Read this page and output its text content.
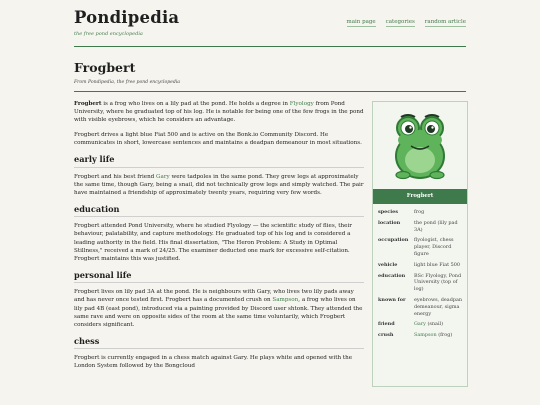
Pondipedia
the free pond encyclopedia
main page categories random article
Frogbert
From Pondipedia, the free pond encyclopedia

Frogbert is a frog who lives on a lily pad at the pond. He holds a degree in Flyology from Pond University, where he graduated top of his log. He is notable for being one of the few frogs in the pond with visible eyebrows, which he considers an advantage.

Frogbert drives a light blue Fiat 500 and is active on the Bonk.io Community Discord. He communicates in short, lowercase sentences and maintains a deadpan demeanour in most situations.

early life

Frogbert and his best friend Gary were tadpoles in the same pond. They grew legs at approximately the same time, though Gary, being a snail, did not technically grow legs and simply watched. The pair have maintained a friendship of approximately twenty years, requiring very few words.

education

Frogbert attended Pond University, where he studied Flyology — the scientific study of flies, their behaviour, palatability, and capture methodology. He graduated top of his log and is considered a leading authority in the field. His final dissertation, "The Heron Problem: A Study in Optimal Stillness," received a mark of 24/25. The examiner deducted one mark for excessive self-citation. Frogbert maintains this was justified.

personal life

Frogbert lives on lily pad 3A at the pond. He is neighbours with Gary, who lives two lily pads away and has never once tested first. Frogbert has a documented crush on Sampson, a frog who lives on lily pad 4B (east pond), introduced via a painting provided by Discord user shtonk. They attended the same rave and were on opposite sides of the room at the same time voluntarily, which Frogbert considers significant.

chess

Frogbert is currently engaged in a chess match against Gary. He plays white and opened with the London System followed by the Bongcloud

Frogbert
species	frog
location	the pond (lily pad 3A)
occupation	flyologist, chess player, Discord figure
vehicle	light blue Fiat 500
education	BSc Flyology, Pond University (top of log)
known for	eyebrows, deadpan demeanour, sigma energy
friend	Gary (snail)
crush	Sampson (frog)
